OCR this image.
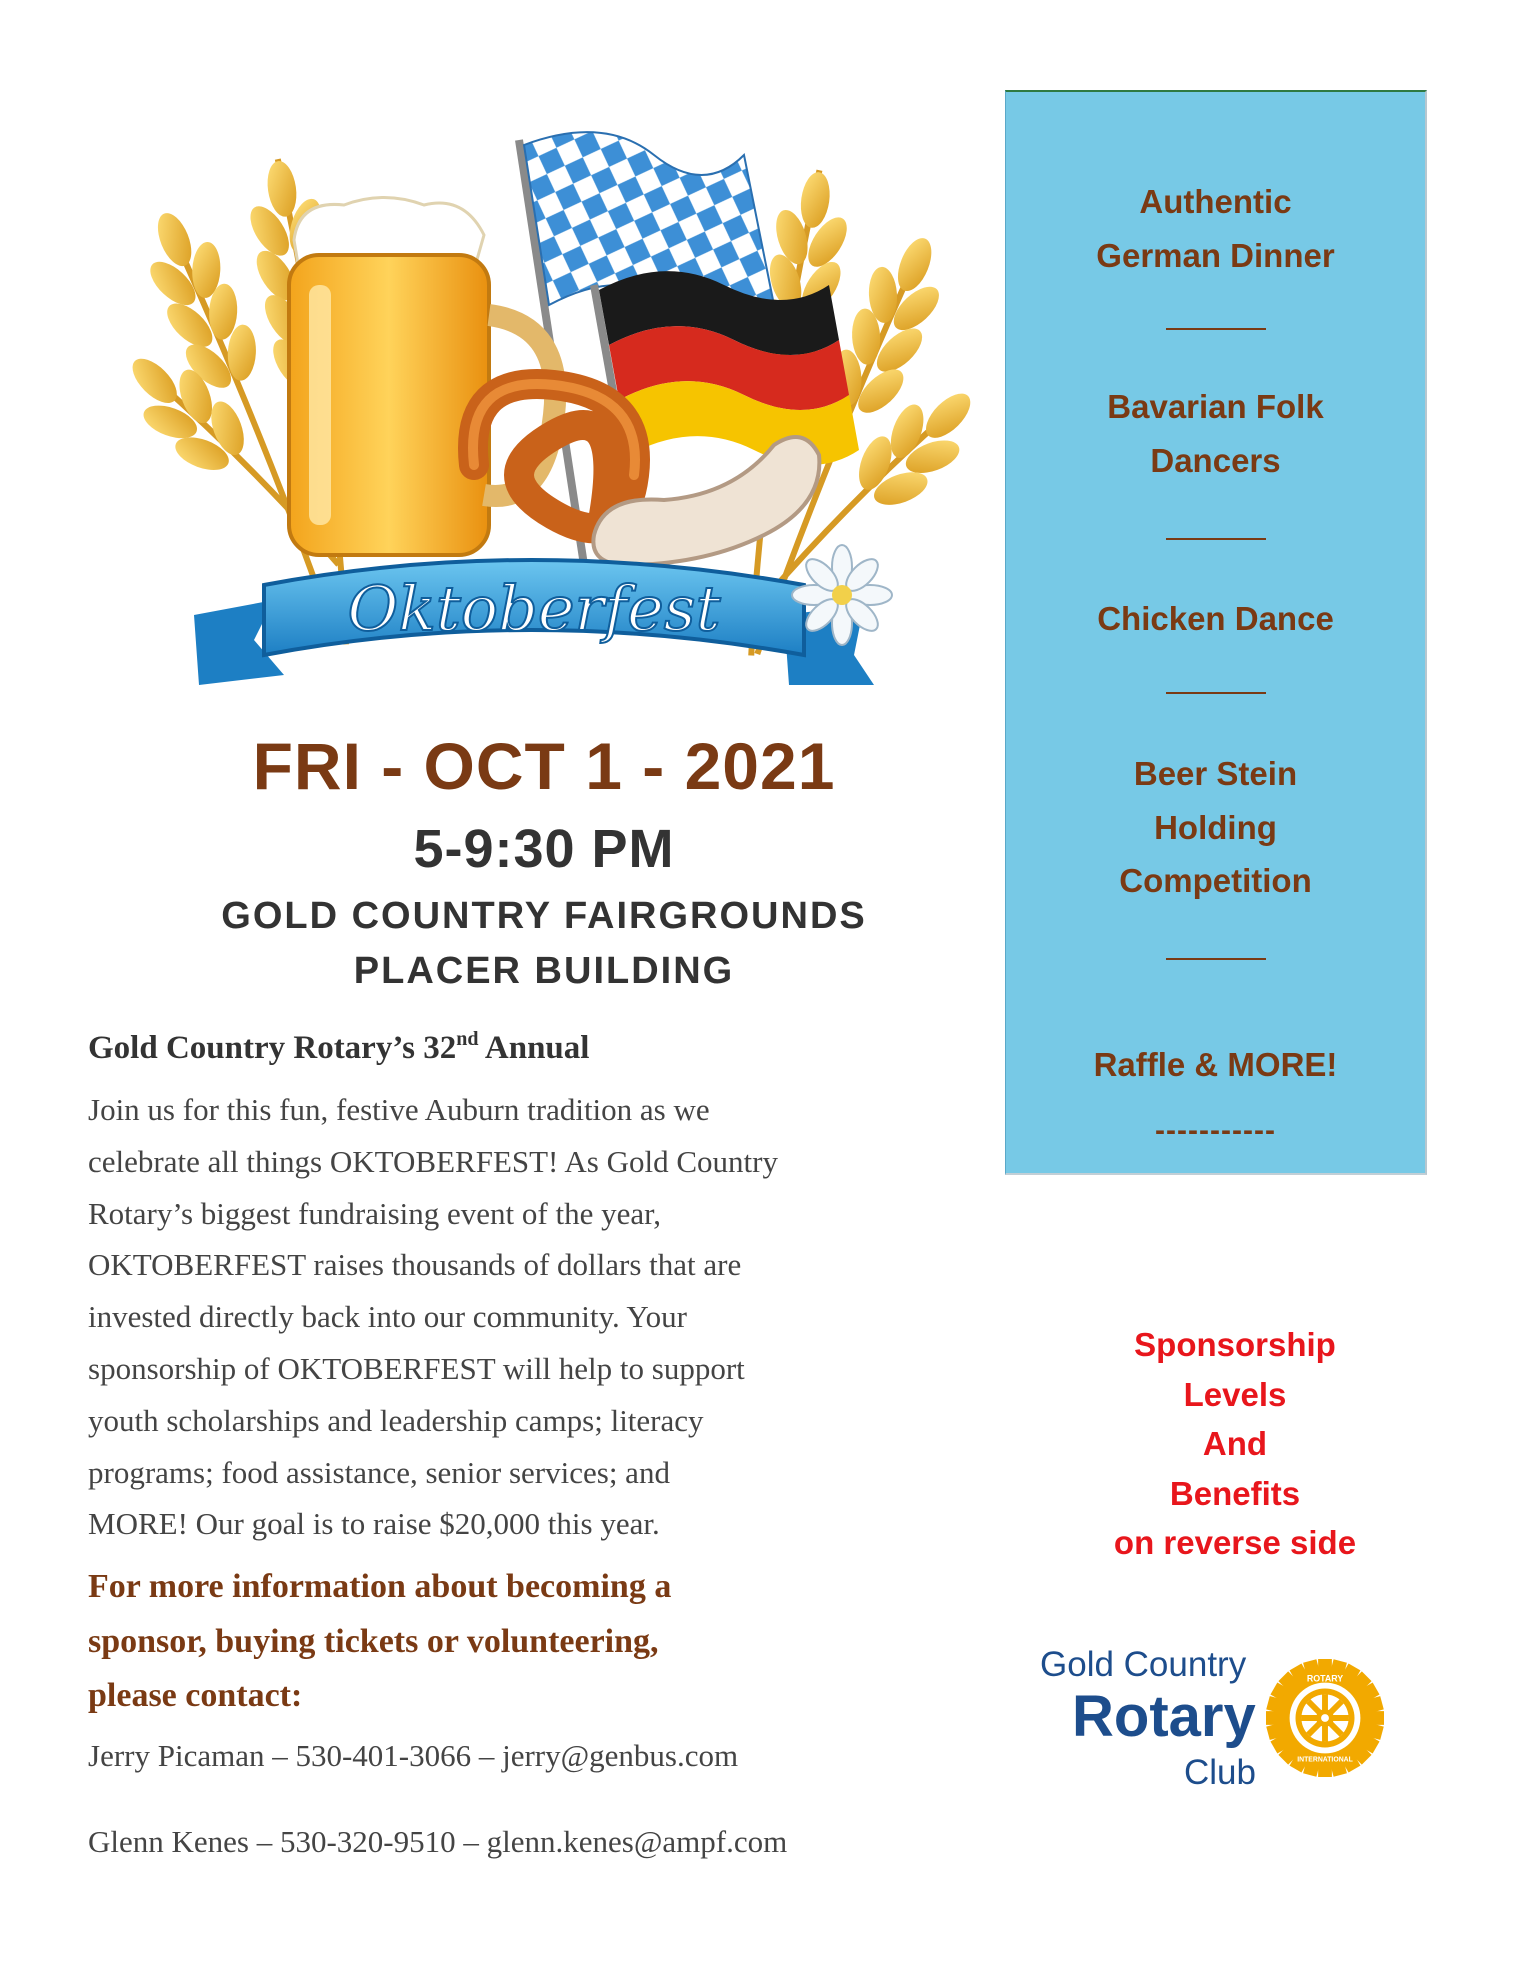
Oktoberfest
FRI - OCT 1 - 2021
5-9:30 PM
GOLD COUNTRY FAIRGROUNDS
PLACER BUILDING

Gold Country Rotary’s 32nd Annual

Join us for this fun, festive Auburn tradition as we
celebrate all things OKTOBERFEST! As Gold Country
Rotary’s biggest fundraising event of the year,
OKTOBERFEST raises thousands of dollars that are
invested directly back into our community. Your
sponsorship of OKTOBERFEST will help to support
youth scholarships and leadership camps; literacy
programs; food assistance, senior services; and
MORE! Our goal is to raise $20,000 this year.

For more information about becoming a
sponsor, buying tickets or volunteering,
please contact:

Jerry Picaman – 530-401-3066 – jerry@genbus.com

Glenn Kenes – 530-320-9510 – glenn.kenes@ampf.com

Authentic
German Dinner
Bavarian Folk
Dancers
Chicken Dance
Beer Stein
Holding
Competition
Raffle & MORE!
-----------

Sponsorship
Levels
And
Benefits
on reverse side

Gold Country
Rotary
Club
ROTARY
INTERNATIONAL
